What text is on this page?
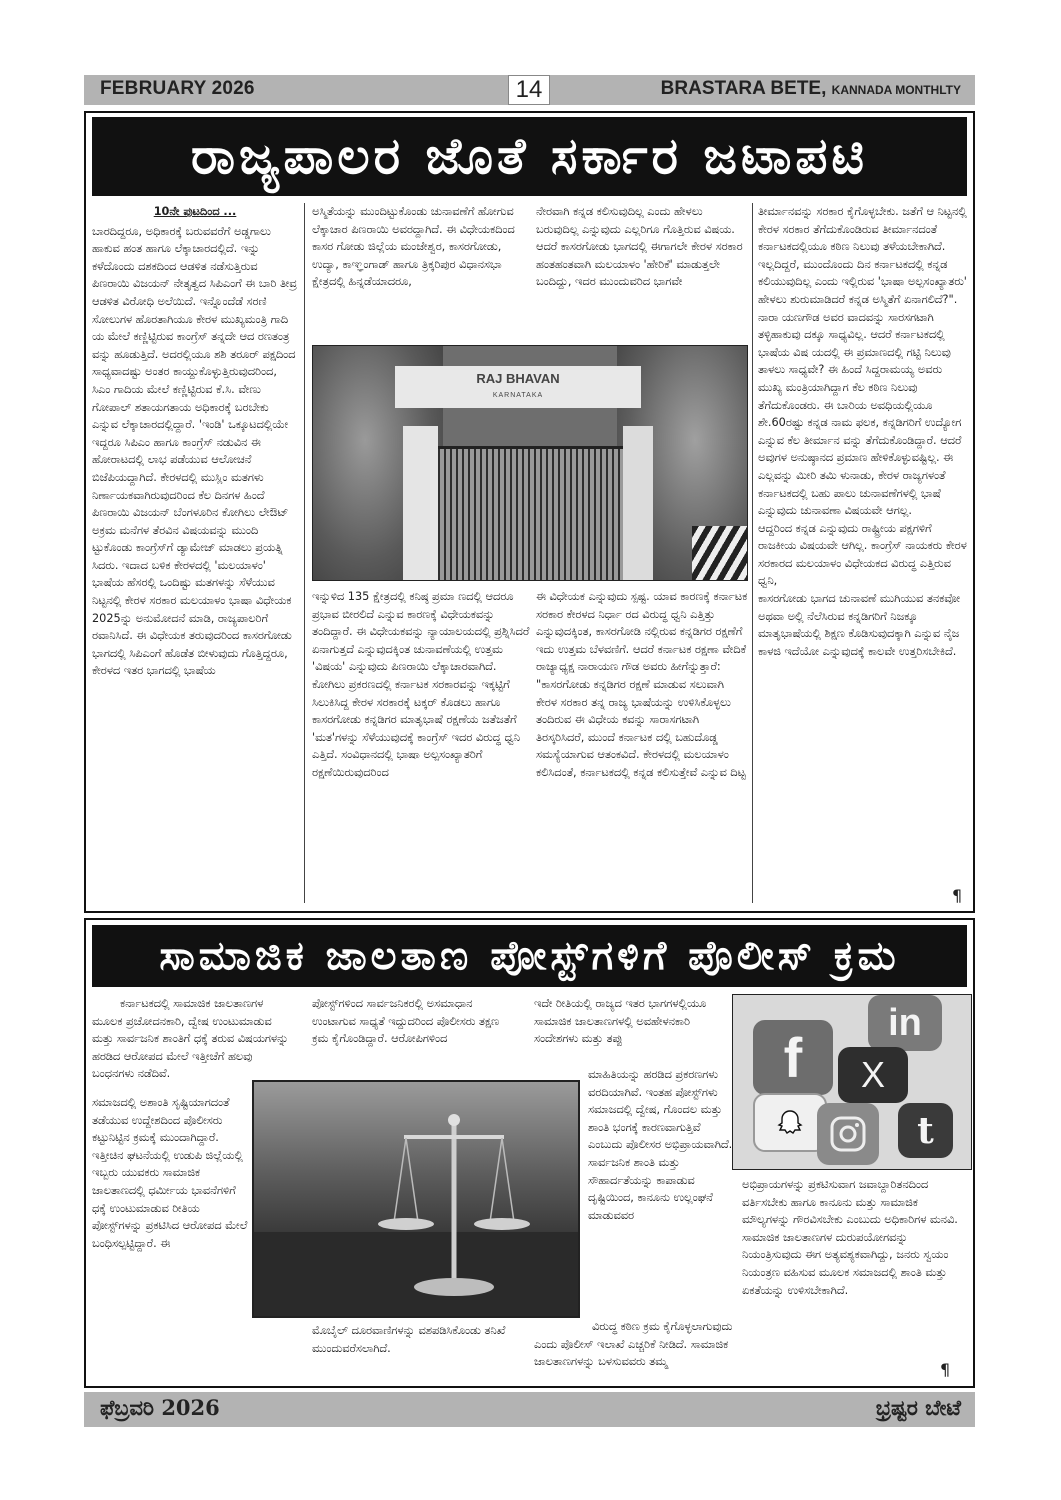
FEBRUARY 2026	14	BRASTARA BETE, KANNADA MONTHLTY
ರಾಜ್ಯಪಾಲರ ಜೊತೆ ಸರ್ಕಾರ ಜಟಾಪಟಿ

10ನೇ ಪುಟದಿಂದ ...

ಬಾರದಿದ್ದರೂ, ಅಧಿಕಾರಕ್ಕೆ ಬರುವವರೆಗೆ ಅಡ್ಡಗಾಲು ಹಾಕುವ ಹಂತ ಹಾಗೂ ಲೆಕ್ಕಾಚಾರದಲ್ಲಿದೆ. ಇನ್ನು ಕಳೆದೊಂದು ದಶಕದಿಂದ ಆಡಳಿತ ನಡೆಸುತ್ತಿರುವ ಪಿಣರಾಯಿ ವಿಜಯನ್ ನೇತೃತ್ವದ ಸಿಪಿಎಂಗೆ ಈ ಬಾರಿ ತೀವ್ರ ಆಡಳಿತ ವಿರೋಧಿ ಅಲೆಯಿದೆ. ಇನ್ನೊಂದೆಡೆ ಸರಣಿ ಸೋಲುಗಳ ಹೊರತಾಗಿಯೂ ಕೇರಳ ಮುಖ್ಯಮಂತ್ರಿ ಗಾದಿ

ಯ ಮೇಲೆ ಕಣ್ಣಿಟ್ಟಿರುವ ಕಾಂಗ್ರೆಸ್ ತನ್ನದೇ ಆದ ರಣತಂತ್ರ ವನ್ನು ಹೂಡುತ್ತಿದೆ. ಅದರಲ್ಲಿಯೂ ಶಶಿ ತರೂರ್ ಪಕ್ಷದಿಂದ ಸಾಧ್ಯವಾದಷ್ಟು ಅಂತರ ಕಾಯ್ದುಕೊಳ್ಳುತ್ತಿರುವುದರಿಂದ, ಸಿಎಂ ಗಾದಿಯ ಮೇಲೆ ಕಣ್ಣಿಟ್ಟಿರುವ ಕೆ.ಸಿ. ವೇಣು ಗೋಪಾಲ್ ಶತಾಯಗತಾಯ ಅಧಿಕಾರಕ್ಕೆ ಬರಬೇಕು ಎನ್ನುವ ಲೆಕ್ಕಾಚಾರದಲ್ಲಿದ್ದಾರೆ. 'ಇಂಡಿ' ಒಕ್ಕೂಟದಲ್ಲಿಯೇ ಇದ್ದರೂ ಸಿಪಿಎಂ ಹಾಗೂ ಕಾಂಗ್ರೆಸ್ ನಡುವಿನ ಈ ಹೋರಾಟದಲ್ಲಿ ಲಾಭ ಪಡೆಯುವ ಆಲೋಚನೆ ಬಿಜೆಪಿಯದ್ದಾಗಿದೆ. ಕೇರಳದಲ್ಲಿ ಮುಸ್ಲಿಂ ಮತಗಳು

ನಿರ್ಣಾಯಕವಾಗಿರುವುದರಿಂದ ಕೆಲ ದಿನಗಳ ಹಿಂದೆ ಪಿಣರಾಯಿ ವಿಜಯನ್ ಬೆಂಗಳೂರಿನ ಕೋಗಿಲು ಲೇಔಟ್ ಅಕ್ರಮ ಮನೆಗಳ ತೆರವಿನ ವಿಷಯವನ್ನು ಮುಂದಿ ಟ್ಟುಕೊಂಡು ಕಾಂಗ್ರೆಸ್‌ಗೆ ಡ್ಯಾಮೇಜ್ ಮಾಡಲು ಪ್ರಯತ್ನಿ ಸಿದರು. ಇದಾದ ಬಳಿಕ ಕೇರಳದಲ್ಲಿ 'ಮಲಯಾಳಂ' ಭಾಷೆಯ ಹೆಸರಲ್ಲಿ ಒಂದಿಷ್ಟು ಮತಗಳನ್ನು ಸೆಳೆಯುವ ನಿಟ್ಟನಲ್ಲಿ ಕೇರಳ ಸರಕಾರ ಮಲಯಾಳಂ ಭಾಷಾ ವಿಧೇಯಕ 2025ನ್ನು ಅನುಮೋದನೆ ಮಾಡಿ, ರಾಜ್ಯಪಾಲರಿಗೆ ರವಾನಿಸಿದೆ. ಈ ವಿಧೇಯಕ ತರುವುದರಿಂದ ಕಾಸರಗೋಡು ಭಾಗದಲ್ಲಿ ಸಿಪಿಎಂಗೆ ಹೊಡೆತ ಬೀಳುವುದು ಗೊತ್ತಿದ್ದರೂ, ಕೇರಳದ ಇತರ ಭಾಗದಲ್ಲಿ ಭಾಷೆಯ

ಅಸ್ಮಿತೆಯನ್ನು ಮುಂದಿಟ್ಟುಕೊಂಡು ಚುನಾವಣೆಗೆ ಹೋಗುವ ಲೆಕ್ಕಾಚಾರ ಪಿಣರಾಯಿ ಅವರದ್ದಾಗಿದೆ. ಈ ವಿಧೇಯಕದಿಂದ ಕಾಸರ ಗೋಡು ಜಿಲ್ಲೆಯ ಮಂಜೇಶ್ವರ, ಕಾಸರಗೋಡು, ಉದ್ಯಾ, ಕಾಞ್ಞಂಗಾಡ್ ಹಾಗೂ ತ್ರಿಕ್ಕರಿಪುರ ವಿಧಾನಸಭಾ ಕ್ಷೇತ್ರದಲ್ಲಿ ಹಿನ್ನಡೆಯಾದರೂ,

ನೇರವಾಗಿ ಕನ್ನಡ ಕಲಿಸುವುದಿಲ್ಲ ಎಂದು ಹೇಳಲು ಬರುವುದಿಲ್ಲ ಎನ್ನುವುದು ಎಲ್ಲರಿಗೂ ಗೊತ್ತಿರುವ ವಿಷಯ. ಆದರೆ ಕಾಸರಗೋಡು ಭಾಗದಲ್ಲಿ ಈಗಾಗಲೇ ಕೇರಳ ಸರಕಾರ ಹಂತಹಂತವಾಗಿ ಮಲಯಾಳಂ 'ಹೇರಿಕೆ' ಮಾಡುತ್ತಲೇ ಬಂದಿದ್ದು, ಇದರ ಮುಂದುವರಿದ ಭಾಗವೇ

RAJ BHAVAN
KARNATAKA

ಇನ್ನುಳಿದ 135 ಕ್ಷೇತ್ರದಲ್ಲಿ ಕನಿಷ್ಠ ಪ್ರಮಾ ಣದಲ್ಲಿ ಆದರೂ ಪ್ರಭಾವ ಬೀರಲಿದೆ ಎನ್ನುವ ಕಾರಣಕ್ಕೆ ವಿಧೇಯಕವನ್ನು ತಂದಿದ್ದಾರೆ. ಈ ವಿಧೇಯಕವನ್ನು ನ್ಯಾಯಾಲಯದಲ್ಲಿ ಪ್ರಶ್ನಿಸಿದರೆ ಏನಾಗುತ್ತದೆ ಎನ್ನುವುದಕ್ಕಿಂತ ಚುನಾವಣೆಯಲ್ಲಿ ಉತ್ತಮ 'ವಿಷಯ' ಎನ್ನುವುದು ಪಿಣರಾಯಿ ಲೆಕ್ಕಾಚಾರವಾಗಿದೆ.

ಕೋಗಿಲು ಪ್ರಕರಣದಲ್ಲಿ ಕರ್ನಾಟಕ ಸರಕಾರವನ್ನು ಇಕ್ಕಟ್ಟಿಗೆ ಸಿಲುಕಿಸಿದ್ದ ಕೇರಳ ಸರಕಾರಕ್ಕೆ ಟಕ್ಕರ್ ಕೊಡಲು ಹಾಗೂ ಕಾಸರಗೋಡು ಕನ್ನಡಿಗರ ಮಾತೃಭಾಷೆ ರಕ್ಷಣೆಯ ಜತೆಜತೆಗೆ 'ಮತ'ಗಳನ್ನು ಸೆಳೆಯುವುದಕ್ಕೆ ಕಾಂಗ್ರೆಸ್ ಇದರ ವಿರುದ್ಧ ಧ್ವನಿ ಎತ್ತಿದೆ. ಸಂವಿಧಾನದಲ್ಲಿ ಭಾಷಾ ಅಲ್ಪಸಂಖ್ಯಾತರಿಗೆ ರಕ್ಷಣೆಯಿರುವುದರಿಂದ

ಈ ವಿಧೇಯಕ ಎನ್ನುವುದು ಸ್ಪಷ್ಟ. ಯಾವ ಕಾರಣಕ್ಕೆ ಕರ್ನಾಟಕ ಸರಕಾರ ಕೇರಳದ ನಿರ್ಧಾ ರದ ವಿರುದ್ಧ ಧ್ವನಿ ಎತ್ತಿತ್ತು ಎನ್ನುವುದಕ್ಕಿಂತ, ಕಾಸರಗೋಡಿ ನಲ್ಲಿರುವ ಕನ್ನಡಿಗರ ರಕ್ಷಣೆಗೆ ಇದು ಉತ್ತಮ ಬೆಳವಣಿಗೆ. ಆದರೆ ಕರ್ನಾಟಕ ರಕ್ಷಣಾ ವೇದಿಕೆ ರಾಜ್ಯಾಧ್ಯಕ್ಷ ನಾರಾಯಣ ಗೌಡ ಅವರು ಹೀಗೆನ್ನುತ್ತಾರೆ: "ಕಾಸರಗೋಡು ಕನ್ನಡಿಗರ ರಕ್ಷಣೆ ಮಾಡುವ ಸಲುವಾಗಿ ಕೇರಳ ಸರಕಾರ ತನ್ನ ರಾಜ್ಯ ಭಾಷೆಯನ್ನು ಉಳಿಸಿಕೊಳ್ಳಲು ತಂದಿರುವ ಈ ವಿಧೇಯ ಕವನ್ನು ಸಾರಾಸಗಟಾಗಿ ತಿರಸ್ಕರಿಸಿದರೆ, ಮುಂದೆ ಕರ್ನಾಟಕ ದಲ್ಲಿ ಬಹುದೊಡ್ಡ ಸಮಸ್ಯೆಯಾಗುವ ಆತಂಕವಿದೆ. ಕೇರಳದಲ್ಲಿ ಮಲಯಾಳಂ ಕಲಿಸಿದಂತೆ, ಕರ್ನಾಟಕದಲ್ಲಿ ಕನ್ನಡ ಕಲಿಸುತ್ತೇವೆ ಎನ್ನುವ ದಿಟ್ಟ

ತೀರ್ಮಾನವನ್ನು ಸರಕಾರ ಕೈಗೊಳ್ಳಬೇಕು. ಜತೆಗೆ ಆ ನಿಟ್ಟನಲ್ಲಿ ಕೇರಳ ಸರಕಾರ ತೆಗೆದುಕೊಂಡಿರುವ ತೀರ್ಮಾನದಂತೆ ಕರ್ನಾಟಕದಲ್ಲಿಯೂ ಕಠಿಣ ನಿಲುವು ತಳೆಯಬೇಕಾಗಿದೆ. ಇಲ್ಲದಿದ್ದರೆ, ಮುಂದೊಂದು ದಿನ ಕರ್ನಾಟಕದಲ್ಲಿ ಕನ್ನಡ ಕಲಿಯುವುದಿಲ್ಲ ಎಂದು ಇಲ್ಲಿರುವ 'ಭಾಷಾ ಅಲ್ಪಸಂಖ್ಯಾತರು' ಹೇಳಲು ಶುರುಮಾಡಿದರೆ ಕನ್ನಡ ಅಸ್ಮಿತೆಗೆ ಏನಾಗಲಿದೆ?". ನಾರಾ ಯಣಗೌಡ ಅವರ ವಾದವನ್ನು ಸಾರಸಗಟಾಗಿ ತಳ್ಳಿಹಾಕುವು ದಕ್ಕೂ ಸಾಧ್ಯವಿಲ್ಲ. ಆದರೆ ಕರ್ನಾಟಕದಲ್ಲಿ ಭಾಷೆಯ ವಿಷ ಯದಲ್ಲಿ ಈ ಪ್ರಮಾಣದಲ್ಲಿ ಗಟ್ಟಿ ನಿಲುವು ತಾಳಲು ಸಾಧ್ಯವೇ? ಈ ಹಿಂದೆ ಸಿದ್ದರಾಮಯ್ಯ ಅವರು ಮುಖ್ಯ ಮಂತ್ರಿಯಾಗಿದ್ದಾಗ ಕೆಲ ಕಠಿಣ ನಿಲುವು ತೆಗೆದುಕೊಂಡರು. ಈ ಬಾರಿಯ ಅವಧಿಯಲ್ಲಿಯೂ ಶೇ.60ರಷ್ಟು ಕನ್ನಡ ನಾಮ ಫಲಕ, ಕನ್ನಡಿಗರಿಗೆ ಉದ್ಯೋಗ ಎನ್ನುವ ಕೆಲ ತೀರ್ಮಾನ ವನ್ನು ತೆಗೆದುಕೊಂಡಿದ್ದಾರೆ. ಆದರೆ ಅವುಗಳ ಅನುಷ್ಠಾನದ ಪ್ರಮಾಣ ಹೇಳಿಕೊಳ್ಳುವಷ್ಟಿಲ್ಲ. ಈ ಎಲ್ಲವನ್ನು ಮೀರಿ ತಮಿ ಳುನಾಡು, ಕೇರಳ ರಾಜ್ಯಗಳಂತೆ ಕರ್ನಾಟಕದಲ್ಲಿ ಬಹು ಪಾಲು ಚುನಾವಣೆಗಳಲ್ಲಿ ಭಾಷೆ ಎನ್ನುವುದು ಚುನಾವಣಾ ವಿಷಯವೇ ಆಗಲ್ಲ.

ಆದ್ದರಿಂದ ಕನ್ನಡ ಎನ್ನುವುದು ರಾಷ್ಟ್ರೀಯ ಪಕ್ಷಗಳಿಗೆ ರಾಜಕೀಯ ವಿಷಯವೇ ಆಗಿಲ್ಲ. ಕಾಂಗ್ರೆಸ್ ನಾಯಕರು ಕೇರಳ ಸರಕಾರದ ಮಲಯಾಳಂ ವಿಧೇಯಕದ ವಿರುದ್ಧ ಎತ್ತಿರುವ ಧ್ವನಿ,

ಕಾಸರಗೋಡು ಭಾಗದ ಚುನಾವಣೆ ಮುಗಿಯುವ ತನಕವೋ ಅಥವಾ ಅಲ್ಲಿ ನೆಲೆಸಿರುವ ಕನ್ನಡಿಗರಿಗೆ ನಿಜಕ್ಕೂ ಮಾತೃಭಾಷೆಯಲ್ಲಿ ಶಿಕ್ಷಣ ಕೊಡಿಸುವುದಕ್ಕಾಗಿ ಎನ್ನುವ ನೈಜ ಕಾಳಜಿ ಇದೆಯೋ ಎನ್ನುವುದಕ್ಕೆ ಕಾಲವೇ ಉತ್ತರಿಸಬೇಕಿದೆ.

¶
ಸಾಮಾಜಿಕ ಜಾಲತಾಣ ಪೋಸ್ಟ್‌ಗಳಿಗೆ ಪೊಲೀಸ್ ಕ್ರಮ

ಕರ್ನಾಟಕದಲ್ಲಿ ಸಾಮಾಜಿಕ ಜಾಲತಾಣಗಳ ಮೂಲಕ ಪ್ರಚೋದನಕಾರಿ, ದ್ವೇಷ ಉಂಟುಮಾಡುವ ಮತ್ತು ಸಾರ್ವಜನಿಕ ಶಾಂತಿಗೆ ಧಕ್ಕೆ ತರುವ ವಿಷಯಗಳನ್ನು ಹರಡಿದ ಆರೋಪದ ಮೇಲೆ ಇತ್ತೀಚೆಗೆ ಹಲವು ಬಂಧನಗಳು ನಡೆದಿವೆ.

ಸಮಾಜದಲ್ಲಿ ಅಶಾಂತಿ ಸೃಷ್ಟಿಯಾಗದಂತೆ ತಡೆಯುವ ಉದ್ದೇಶದಿಂದ ಪೊಲೀಸರು ಕಟ್ಟುನಿಟ್ಟಿನ ಕ್ರಮಕ್ಕೆ ಮುಂದಾಗಿದ್ದಾರೆ.

ಇತ್ತೀಚಿನ ಘಟನೆಯಲ್ಲಿ ಉಡುಪಿ ಜಿಲ್ಲೆಯಲ್ಲಿ ಇಬ್ಬರು ಯುವಕರು ಸಾಮಾಜಿಕ ಜಾಲತಾಣದಲ್ಲಿ ಧರ್ಮೀಯ ಭಾವನೆಗಳಿಗೆ ಧಕ್ಕೆ ಉಂಟುಮಾಡುವ ರೀತಿಯ ಪೋಸ್ಟ್‌ಗಳನ್ನು ಪ್ರಕಟಿಸಿದ ಆರೋಪದ ಮೇಲೆ ಬಂಧಿಸಲ್ಪಟ್ಟಿದ್ದಾರೆ. ಈ

ಪೋಸ್ಟ್‌ಗಳಿಂದ ಸಾರ್ವಜನಿಕರಲ್ಲಿ ಅಸಮಾಧಾನ ಉಂಟಾಗುವ ಸಾಧ್ಯತೆ ಇದ್ದುದರಿಂದ ಪೊಲೀಸರು ತಕ್ಷಣ ಕ್ರಮ ಕೈಗೊಂಡಿದ್ದಾರೆ. ಆರೋಪಿಗಳಿಂದ

ಮೊಬೈಲ್ ದೂರವಾಣಿಗಳನ್ನು ವಶಪಡಿಸಿಕೊಂಡು ತನಿಖೆ ಮುಂದುವರೆಸಲಾಗಿದೆ.

ಇದೇ ರೀತಿಯಲ್ಲಿ ರಾಜ್ಯದ ಇತರ ಭಾಗಗಳಲ್ಲಿಯೂ ಸಾಮಾಜಿಕ ಜಾಲತಾಣಗಳಲ್ಲಿ ಅವಹೇಳನಕಾರಿ ಸಂದೇಶಗಳು ಮತ್ತು ತಪ್ಪು

ಮಾಹಿತಿಯನ್ನು ಹರಡಿದ ಪ್ರಕರಣಗಳು ವರದಿಯಾಗಿವೆ. ಇಂತಹ ಪೋಸ್ಟ್‌ಗಳು ಸಮಾಜದಲ್ಲಿ ದ್ವೇಷ, ಗೊಂದಲ ಮತ್ತು ಶಾಂತಿ ಭಂಗಕ್ಕೆ ಕಾರಣವಾಗುತ್ತಿವೆ ಎಂಬುದು ಪೊಲೀಸರ ಅಭಿಪ್ರಾಯವಾಗಿದೆ. ಸಾರ್ವಜನಿಕ ಶಾಂತಿ ಮತ್ತು ಸೌಹಾರ್ದತೆಯನ್ನು ಕಾಪಾಡುವ ದೃಷ್ಟಿಯಿಂದ, ಕಾನೂನು ಉಲ್ಲಂಘನೆ ಮಾಡುವವರ

ವಿರುದ್ಧ ಕಠಿಣ ಕ್ರಮ ಕೈಗೊಳ್ಳಲಾಗುವುದು ಎಂದು ಪೊಲೀಸ್ ಇಲಾಖೆ ಎಚ್ಚರಿಕೆ ನೀಡಿದೆ. ಸಾಮಾಜಿಕ ಜಾಲತಾಣಗಳನ್ನು ಬಳಸುವವರು ತಮ್ಮ

f
in
X
t

ಅಭಿಪ್ರಾಯಗಳನ್ನು ಪ್ರಕಟಿಸುವಾಗ ಜವಾಬ್ದಾರಿತನದಿಂದ ವರ್ತಿಸಬೇಕು ಹಾಗೂ ಕಾನೂನು ಮತ್ತು ಸಾಮಾಜಿಕ ಮೌಲ್ಯಗಳನ್ನು ಗೌರವಿಸಬೇಕು ಎಂಬುದು ಅಧಿಕಾರಿಗಳ ಮನವಿ.

ಸಾಮಾಜಿಕ ಜಾಲತಾಣಗಳ ದುರುಪಯೋಗವನ್ನು ನಿಯಂತ್ರಿಸುವುದು ಈಗ ಅತ್ಯವಶ್ಯಕವಾಗಿದ್ದು, ಜನರು ಸ್ವಯಂ ನಿಯಂತ್ರಣ ವಹಿಸುವ ಮೂಲಕ ಸಮಾಜದಲ್ಲಿ ಶಾಂತಿ ಮತ್ತು ಏಕತೆಯನ್ನು ಉಳಿಸಬೇಕಾಗಿದೆ.

¶
ಫೆಬ್ರವರಿ 2026	ಭ್ರಷ್ಟರ ಬೇಟೆ
